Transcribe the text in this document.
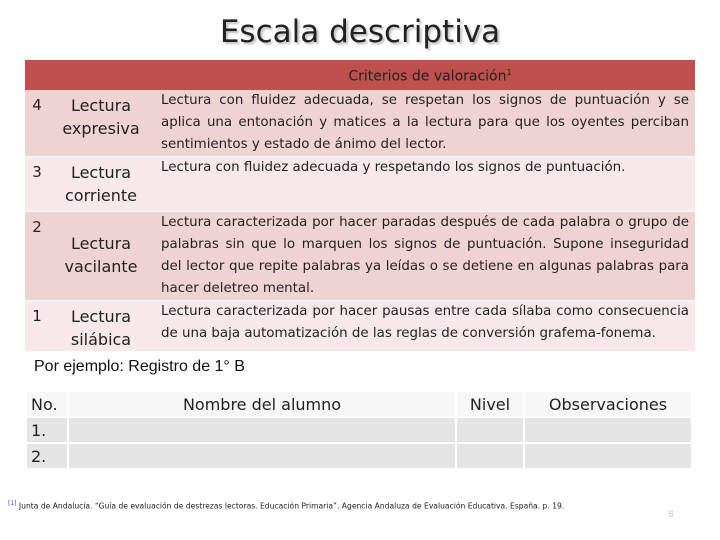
Escala descriptiva
Criterios de valoración$^1$
4	Lectura expresiva	Lectura con fluidez adecuada, se respetan los signos de puntuación y se aplica una entonación y matices a la lectura para que los oyentes perciban sentimientos y estado de ánimo del lector.

3	Lectura corriente	Lectura con fluidez adecuada y respetando los signos de puntuación.

2	Lectura vacilante	Lectura caracterizada por hacer paradas después de cada palabra o grupo de palabras sin que lo marquen los signos de puntuación. Supone inseguridad del lector que repite palabras ya leídas o se detiene en algunas palabras para hacer deletreo mental.

1	Lectura silábica	Lectura caracterizada por hacer pausas entre cada sílaba como consecuencia de una baja automatización de las reglas de conversión grafema-fonema.
Por ejemplo: Registro de 1° B
No.	Nombre del alumno	Nivel	Observaciones
1.			
2.			
[1] Junta de Andalucía. “Guía de evaluación de destrezas lectoras. Educación Primaria”. Agencia Andaluza de Evaluación Educativa. España. p. 19.
8
